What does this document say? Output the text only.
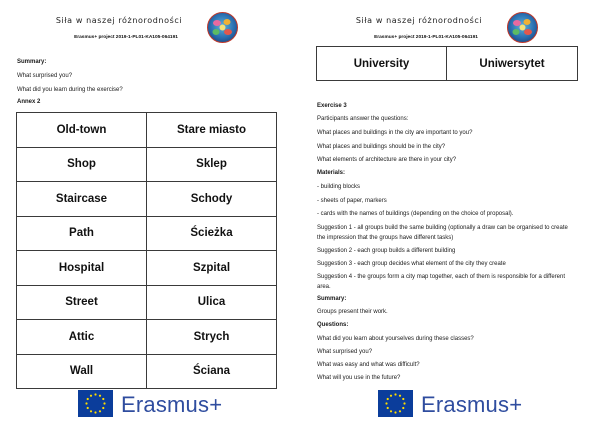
Siła w naszej różnorodności
Erasmus+ project 2019-1-PL01-KA105-064191
Summary:
What surprised you?
What did you learn during the exercise?
Annex 2
Old-town	Stare miasto
Shop	Sklep
Staircase	Schody
Path	Ścieżka
Hospital	Szpital
Street	Ulica
Attic	Strych
Wall	Ściana
Erasmus+
Siła w naszej różnorodności
Erasmus+ project 2019-1-PL01-KA105-064191
University	Uniwersytet
Exercise 3
Participants answer the questions:
What places and buildings in the city are important to you?
What places and buildings should be in the city?
What elements of architecture are there in your city?
Materials:
- building blocks
- sheets of paper, markers
- cards with the names of buildings (depending on the choice of proposal).
Suggestion 1 - all groups build the same building (optionally a draw can be organised to create the impression that the groups have different tasks)
Suggestion 2 - each group builds a different building
Suggestion 3 - each group decides what element of the city they create
Suggestion 4 - the groups form a city map together, each of them is responsible for a different area.
Summary:
Groups present their work.
Questions:
What did you learn about yourselves during these classes?
What surprised you?
What was easy and what was difficult?
What will you use in the future?
Erasmus+
